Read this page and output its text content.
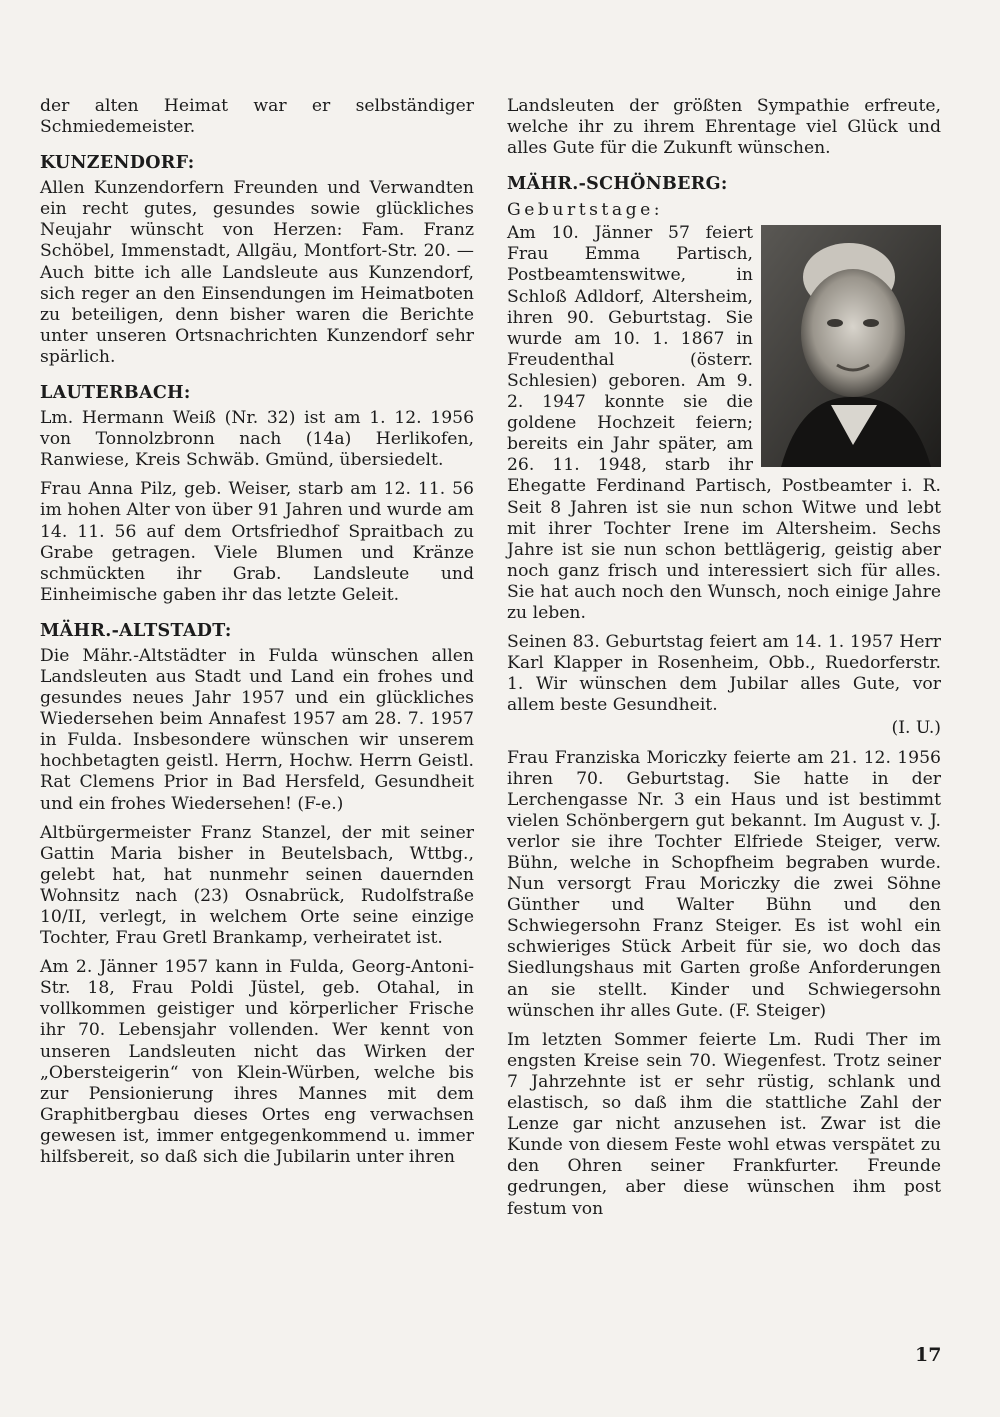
der alten Heimat war er selbständiger Schmiedemeister.

KUNZENDORF:

Allen Kunzendorfern Freunden und Verwandten ein recht gutes, gesundes sowie glückliches Neujahr wünscht von Herzen: Fam. Franz Schöbel, Immenstadt, Allgäu, Montfort-Str. 20. — Auch bitte ich alle Landsleute aus Kunzendorf, sich reger an den Einsendungen im Heimatboten zu beteiligen, denn bisher waren die Berichte unter unseren Ortsnachrichten Kunzendorf sehr spärlich.

LAUTERBACH:

Lm. Hermann Weiß (Nr. 32) ist am 1. 12. 1956 von Tonnolzbronn nach (14a) Herlikofen, Ranwiese, Kreis Schwäb. Gmünd, übersiedelt.

Frau Anna Pilz, geb. Weiser, starb am 12. 11. 56 im hohen Alter von über 91 Jahren und wurde am 14. 11. 56 auf dem Ortsfriedhof Spraitbach zu Grabe getragen. Viele Blumen und Kränze schmückten ihr Grab. Landsleute und Einheimische gaben ihr das letzte Geleit.

MÄHR.-ALTSTADT:

Die Mähr.-Altstädter in Fulda wünschen allen Landsleuten aus Stadt und Land ein frohes und gesundes neues Jahr 1957 und ein glückliches Wiedersehen beim Annafest 1957 am 28. 7. 1957 in Fulda. Insbesondere wünschen wir unserem hochbetagten geistl. Herrn, Hochw. Herrn Geistl. Rat Clemens Prior in Bad Hersfeld, Gesundheit und ein frohes Wiedersehen! (F-e.)

Altbürgermeister Franz Stanzel, der mit seiner Gattin Maria bisher in Beutelsbach, Wttbg., gelebt hat, hat nunmehr seinen dauernden Wohnsitz nach (23) Osnabrück, Rudolfstraße 10/II, verlegt, in welchem Orte seine einzige Tochter, Frau Gretl Brankamp, verheiratet ist.

Am 2. Jänner 1957 kann in Fulda, Georg-Antoni-Str. 18, Frau Poldi Jüstel, geb. Otahal, in vollkommen geistiger und körperlicher Frische ihr 70. Lebensjahr vollenden. Wer kennt von unseren Landsleuten nicht das Wirken der „Obersteigerin“ von Klein-Würben, welche bis zur Pensionierung ihres Mannes mit dem Graphitbergbau dieses Ortes eng verwachsen gewesen ist, immer entgegenkommend u. immer hilfsbereit, so daß sich die Jubilarin unter ihren

Landsleuten der größten Sympathie erfreute, welche ihr zu ihrem Ehrentage viel Glück und alles Gute für die Zukunft wünschen.

MÄHR.-SCHÖNBERG:
Geburtstage:

Am 10. Jänner 57 feiert Frau Emma Partisch, Postbeamtenswitwe, in Schloß Adldorf, Altersheim, ihren 90. Geburtstag. Sie wurde am 10. 1. 1867 in Freudenthal (österr. Schlesien) geboren. Am 9. 2. 1947 konnte sie die goldene Hochzeit feiern; bereits ein Jahr später, am 26. 11. 1948, starb ihr Ehegatte Ferdinand Partisch, Postbeamter i. R. Seit 8 Jahren ist sie nun schon Witwe und lebt mit ihrer Tochter Irene im Altersheim. Sechs Jahre ist sie nun schon bettlägerig, geistig aber noch ganz frisch und interessiert sich für alles. Sie hat auch noch den Wunsch, noch einige Jahre zu leben.

Seinen 83. Geburtstag feiert am 14. 1. 1957 Herr Karl Klapper in Rosenheim, Obb., Ruedorferstr. 1. Wir wünschen dem Jubilar alles Gute, vor allem beste Gesundheit.

(I. U.)

Frau Franziska Moriczky feierte am 21. 12. 1956 ihren 70. Geburtstag. Sie hatte in der Lerchengasse Nr. 3 ein Haus und ist bestimmt vielen Schönbergern gut bekannt. Im August v. J. verlor sie ihre Tochter Elfriede Steiger, verw. Bühn, welche in Schopfheim begraben wurde. Nun versorgt Frau Moriczky die zwei Söhne Günther und Walter Bühn und den Schwiegersohn Franz Steiger. Es ist wohl ein schwieriges Stück Arbeit für sie, wo doch das Siedlungshaus mit Garten große Anforderungen an sie stellt. Kinder und Schwiegersohn wünschen ihr alles Gute. (F. Steiger)

Im letzten Sommer feierte Lm. Rudi Ther im engsten Kreise sein 70. Wiegenfest. Trotz seiner 7 Jahrzehnte ist er sehr rüstig, schlank und elastisch, so daß ihm die stattliche Zahl der Lenze gar nicht anzusehen ist. Zwar ist die Kunde von diesem Feste wohl etwas verspätet zu den Ohren seiner Frankfurter. Freunde gedrungen, aber diese wünschen ihm post festum von

17
